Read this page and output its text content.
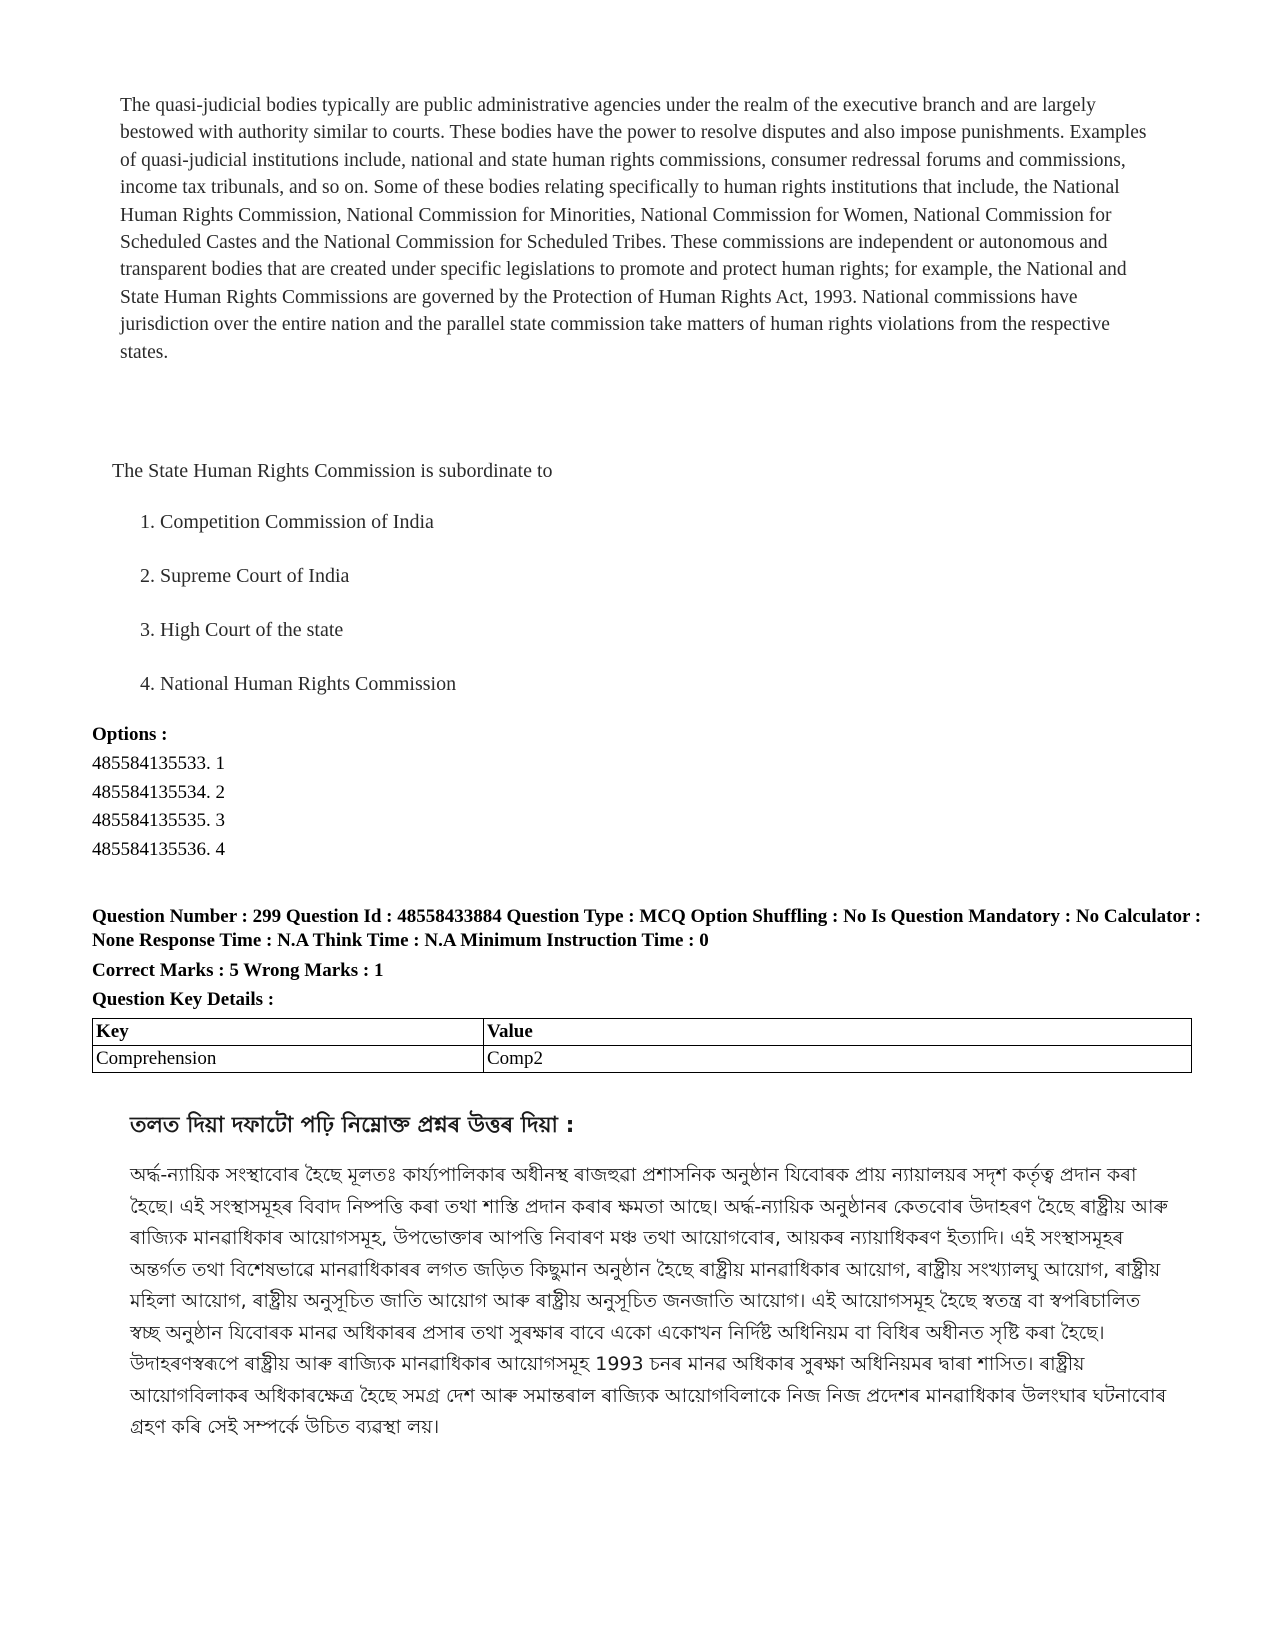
The quasi-judicial bodies typically are public administrative agencies under the realm of the executive branch and are largely bestowed with authority similar to courts. These bodies have the power to resolve disputes and also impose punishments. Examples of quasi-judicial institutions include, national and state human rights commissions, consumer redressal forums and commissions, income tax tribunals, and so on. Some of these bodies relating specifically to human rights institutions that include, the National Human Rights Commission, National Commission for Minorities, National Commission for Women, National Commission for Scheduled Castes and the National Commission for Scheduled Tribes. These commissions are independent or autonomous and transparent bodies that are created under specific legislations to promote and protect human rights; for example, the National and State Human Rights Commissions are governed by the Protection of Human Rights Act, 1993. National commissions have jurisdiction over the entire nation and the parallel state commission take matters of human rights violations from the respective states.

The State Human Rights Commission is subordinate to

1. Competition Commission of India
2. Supreme Court of India
3. High Court of the state
4. National Human Rights Commission

Options :

485584135533. 1
485584135534. 2
485584135535. 3
485584135536. 4

Question Number : 299 Question Id : 48558433884 Question Type : MCQ Option Shuffling : No Is Question Mandatory : No Calculator : None Response Time : N.A Think Time : N.A Minimum Instruction Time : 0

Correct Marks : 5 Wrong Marks : 1

Question Key Details :

Key	Value
Comprehension	Comp2

তলত দিয়া দফাটো পঢ়ি নিম্নোক্ত প্ৰশ্নৰ উত্তৰ দিয়া :

অৰ্দ্ধ-ন্যায়িক সংস্থাবোৰ হৈছে মূলতঃ কাৰ্য্যপালিকাৰ অধীনস্থ ৰাজহুৱা প্ৰশাসনিক অনুষ্ঠান যিবোৰক প্ৰায় ন্যায়ালয়ৰ সদৃশ কৰ্তৃত্ব প্ৰদান কৰা হৈছে। এই সংস্থাসমূহৰ বিবাদ নিষ্পত্তি কৰা তথা শাস্তি প্ৰদান কৰাৰ ক্ষমতা আছে। অৰ্দ্ধ-ন্যায়িক অনুষ্ঠানৰ কেতবোৰ উদাহৰণ হৈছে ৰাষ্ট্ৰীয় আৰু ৰাজ্যিক মানৱাধিকাৰ আয়োগসমূহ, উপভোক্তাৰ আপত্তি নিবাৰণ মঞ্চ তথা আয়োগবোৰ, আয়কৰ ন্যায়াধিকৰণ ইত্যাদি। এই সংস্থাসমূহৰ অন্তৰ্গত তথা বিশেষভাৱে মানৱাধিকাৰৰ লগত জড়িত কিছুমান অনুষ্ঠান হৈছে ৰাষ্ট্ৰীয় মানৱাধিকাৰ আয়োগ, ৰাষ্ট্ৰীয় সংখ্যালঘু আয়োগ, ৰাষ্ট্ৰীয় মহিলা আয়োগ, ৰাষ্ট্ৰীয় অনুসূচিত জাতি আয়োগ আৰু ৰাষ্ট্ৰীয় অনুসূচিত জনজাতি আয়োগ। এই আয়োগসমূহ হৈছে স্বতন্ত্ৰ বা স্বপৰিচালিত স্বচ্ছ অনুষ্ঠান যিবোৰক মানৱ অধিকাৰৰ প্ৰসাৰ তথা সুৰক্ষাৰ বাবে একো একোখন নিৰ্দিষ্ট অধিনিয়ম বা বিধিৰ অধীনত সৃষ্টি কৰা হৈছে। উদাহৰণস্বৰূপে ৰাষ্ট্ৰীয় আৰু ৰাজ্যিক মানৱাধিকাৰ আয়োগসমূহ 1993 চনৰ মানৱ অধিকাৰ সুৰক্ষা অধিনিয়মৰ দ্বাৰা শাসিত। ৰাষ্ট্ৰীয় আয়োগবিলাকৰ অধিকাৰক্ষেত্ৰ হৈছে সমগ্ৰ দেশ আৰু সমান্তৰাল ৰাজ্যিক আয়োগবিলাকে নিজ নিজ প্ৰদেশৰ মানৱাধিকাৰ উলংঘাৰ ঘটনাবোৰ গ্ৰহণ কৰি সেই সম্পৰ্কে উচিত ব্যৱস্থা লয়।
